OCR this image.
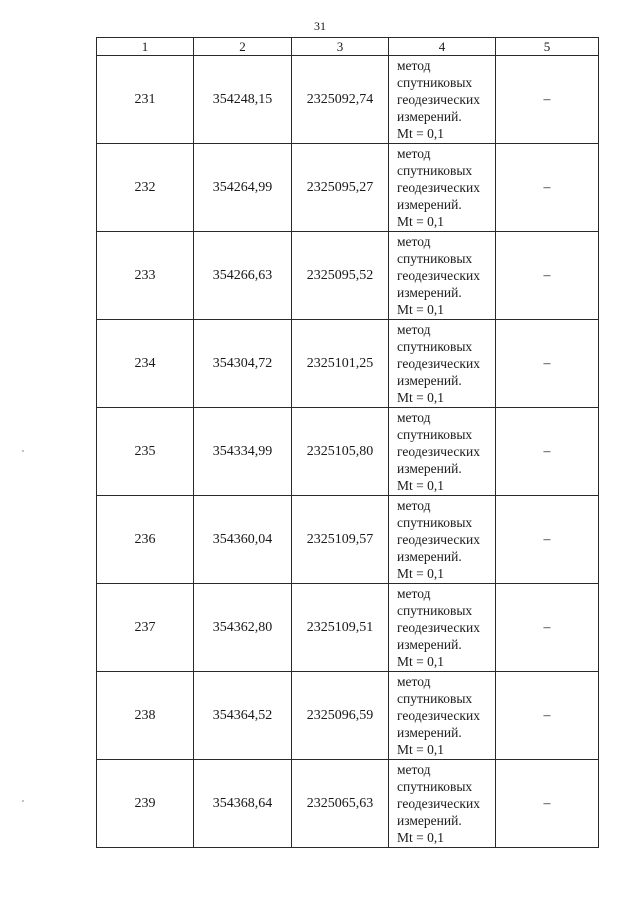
31
1	2	3	4	5
231	354248,15	2325092,74	метод
спутниковых
геодезических
измерений.
Mt = 0,1	–
232	354264,99	2325095,27	метод
спутниковых
геодезических
измерений.
Mt = 0,1	–
233	354266,63	2325095,52	метод
спутниковых
геодезических
измерений.
Mt = 0,1	–
234	354304,72	2325101,25	метод
спутниковых
геодезических
измерений.
Mt = 0,1	–
235	354334,99	2325105,80	метод
спутниковых
геодезических
измерений.
Mt = 0,1	–
236	354360,04	2325109,57	метод
спутниковых
геодезических
измерений.
Mt = 0,1	–
237	354362,80	2325109,51	метод
спутниковых
геодезических
измерений.
Mt = 0,1	–
238	354364,52	2325096,59	метод
спутниковых
геодезических
измерений.
Mt = 0,1	–
239	354368,64	2325065,63	метод
спутниковых
геодезических
измерений.
Mt = 0,1	–
